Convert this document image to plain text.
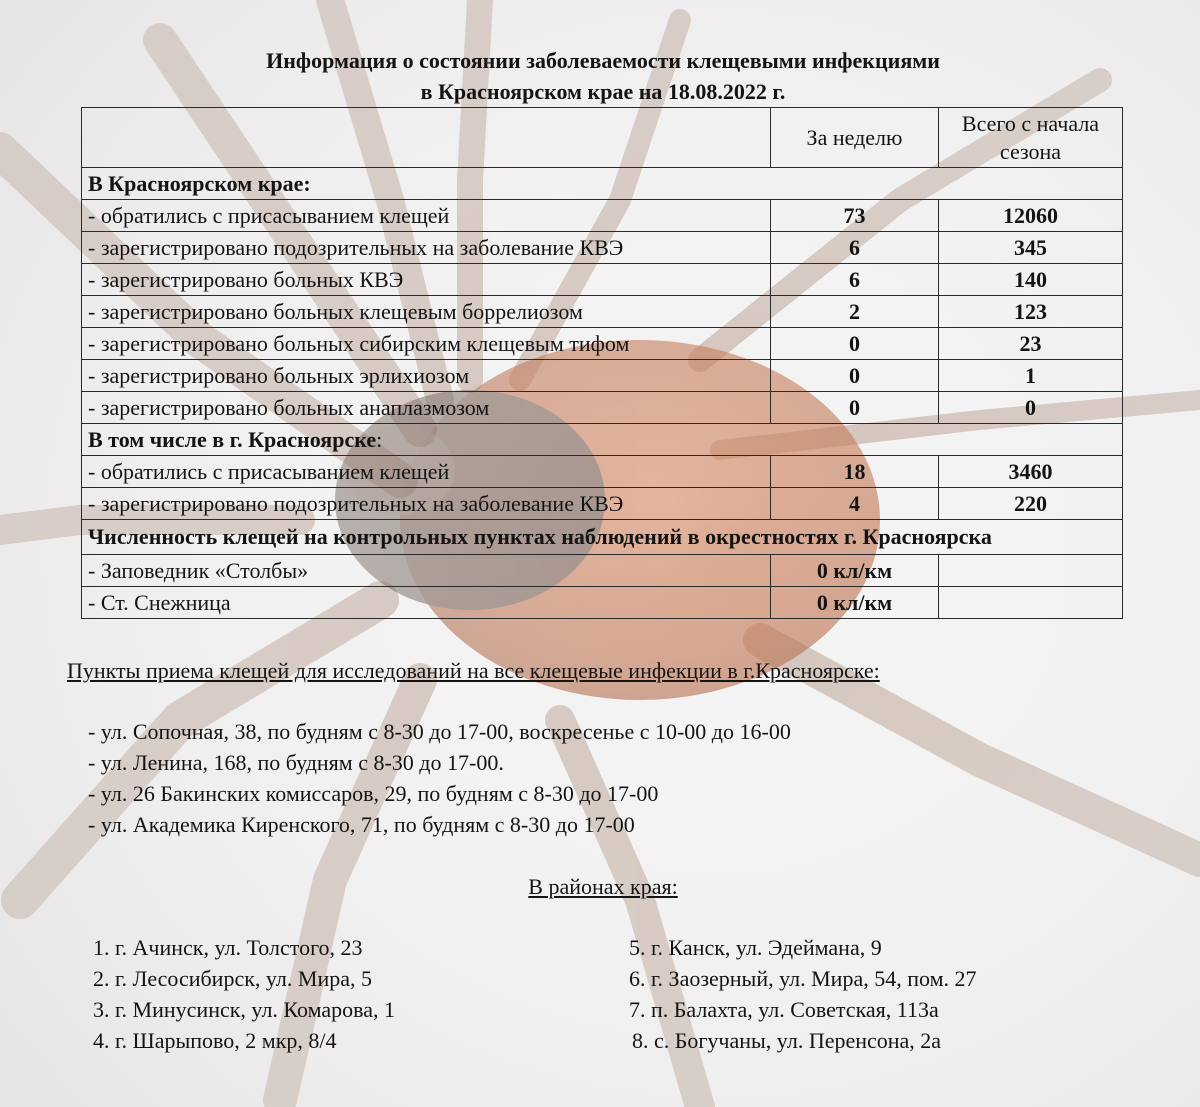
Информация о состоянии заболеваемости клещевыми инфекциями
в Красноярском крае на 18.08.2022 г.
	За неделю	Всего с начала сезона
В Красноярском крае:		
- обратились с присасыванием клещей	73	12060
- зарегистрировано подозрительных на заболевание КВЭ	6	345
- зарегистрировано больных КВЭ	6	140
- зарегистрировано больных клещевым боррелиозом	2	123
- зарегистрировано больных сибирским клещевым тифом	0	23
- зарегистрировано больных эрлихиозом	0	1
- зарегистрировано больных анаплазмозом	0	0
В том числе в г. Красноярске:		
- обратились с присасыванием клещей	18	3460
- зарегистрировано подозрительных на заболевание КВЭ	4	220
Численность клещей на контрольных пунктах наблюдений в окрестностях г. Красноярска		
- Заповедник «Столбы»	0 кл/км	
- Ст. Снежница	0 кл/км	
Пункты приема клещей для исследований на все клещевые инфекции в г.Красноярске:
- ул. Сопочная, 38, по будням с 8-30 до 17-00, воскресенье с 10-00 до 16-00
- ул. Ленина, 168, по будням с 8-30 до 17-00.
- ул. 26 Бакинских комиссаров, 29, по будням с 8-30 до 17-00
- ул. Академика Киренского, 71, по будням с 8-30 до 17-00
В районах края:
1. г. Ачинск, ул. Толстого, 23
2. г. Лесосибирск, ул. Мира, 5
3. г. Минусинск, ул. Комарова, 1
4. г. Шарыпово, 2 мкр, 8/4
5. г. Канск, ул. Эдеймана, 9
6. г. Заозерный, ул. Мира, 54, пом. 27
7. п. Балахта, ул. Советская, 113а
8. с. Богучаны, ул. Перенсона, 2а
